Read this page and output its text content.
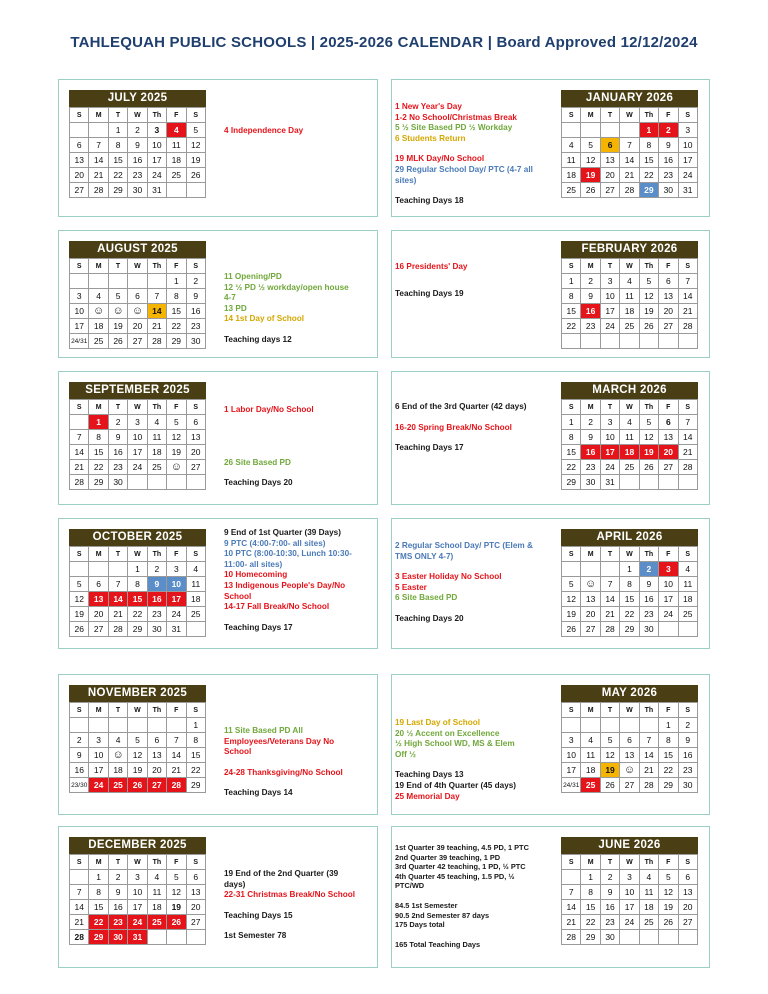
TAHLEQUAH PUBLIC SCHOOLS | 2025-2026 CALENDAR | Board Approved 12/12/2024
JULY 2025
S	M	T	W	Th	F	S
		1	2	3	4	5
6	7	8	9	10	11	12
13	14	15	16	17	18	19
20	21	22	23	24	25	26
27	28	29	30	31		
AUGUST 2025
S	M	T	W	Th	F	S
					1	2
3	4	5	6	7	8	9
10	☺	☺	☺	14	15	16
17	18	19	20	21	22	23
24/31	25	26	27	28	29	30
SEPTEMBER 2025
S	M	T	W	Th	F	S
	1	2	3	4	5	6
7	8	9	10	11	12	13
14	15	16	17	18	19	20
21	22	23	24	25	☺	27
28	29	30				
OCTOBER 2025
S	M	T	W	Th	F	S
			1	2	3	4
5	6	7	8	9	10	11
12	13	14	15	16	17	18
19	20	21	22	23	24	25
26	27	28	29	30	31	
NOVEMBER 2025
S	M	T	W	Th	F	S
						1
2	3	4	5	6	7	8
9	10	☺	12	13	14	15
16	17	18	19	20	21	22
23/30	24	25	26	27	28	29
DECEMBER 2025
S	M	T	W	Th	F	S
	1	2	3	4	5	6
7	8	9	10	11	12	13
14	15	16	17	18	19	20
21	22	23	24	25	26	27
28	29	30	31			
JANUARY 2026
S	M	T	W	Th	F	S
				1	2	3
4	5	6	7	8	9	10
11	12	13	14	15	16	17
18	19	20	21	22	23	24
25	26	27	28	29	30	31
FEBRUARY 2026
S	M	T	W	Th	F	S
1	2	3	4	5	6	7
8	9	10	11	12	13	14
15	16	17	18	19	20	21
22	23	24	25	26	27	28

MARCH 2026
S	M	T	W	Th	F	S
1	2	3	4	5	6	7
8	9	10	11	12	13	14
15	16	17	18	19	20	21
22	23	24	25	26	27	28
29	30	31				
APRIL 2026
S	M	T	W	Th	F	S
			1	2	3	4
5	☺	7	8	9	10	11
12	13	14	15	16	17	18
19	20	21	22	23	24	25
26	27	28	29	30		
MAY 2026
S	M	T	W	Th	F	S
					1	2
3	4	5	6	7	8	9
10	11	12	13	14	15	16
17	18	19	☺	21	22	23
24/31	25	26	27	28	29	30
JUNE 2026
S	M	T	W	Th	F	S
	1	2	3	4	5	6
7	8	9	10	11	12	13
14	15	16	17	18	19	20
21	22	23	24	25	26	27
28	29	30				
4 Independence Day
11 Opening/PD
12 ½ PD ½ workday/open house
4-7
13 PD
14 1st Day of School
Teaching days 12
1 Labor Day/No School
26 Site Based PD
Teaching Days 20
9 End of 1st Quarter (39 Days)
9 PTC (4:00-7:00- all sites)
10 PTC (8:00-10:30, Lunch 10:30-
11:00- all sites)
10 Homecoming
13 Indigenous People's Day/No
School
14-17 Fall Break/No School
Teaching Days 17
11 Site Based PD All
Employees/Veterans Day No
School
24-28 Thanksgiving/No School
Teaching Days 14
19 End of the 2nd Quarter (39
days)
22-31 Christmas Break/No School
Teaching Days 15
1st Semester 78
1 New Year's Day
1-2 No School/Christmas Break
5 ½ Site Based PD ½ Workday
6 Students Return
19 MLK Day/No School
29 Regular School Day/ PTC (4-7 all
sites)
Teaching Days 18
16 Presidents' Day
Teaching Days 19
6 End of the 3rd Quarter (42 days)
16-20 Spring Break/No School
Teaching Days 17
2 Regular School Day/ PTC (Elem &
TMS ONLY 4-7)
3 Easter Holiday No School
5 Easter
6 Site Based PD
Teaching Days 20
19 Last Day of School
20 ½ Accent on Excellence
½ High School WD, MS & Elem
Off ½
Teaching Days 13
19 End of 4th Quarter (45 days)
25 Memorial Day
1st Quarter 39 teaching, 4.5 PD, 1 PTC
2nd Quarter 39 teaching, 1 PD
3rd Quarter 42 teaching, 1 PD, ½ PTC
4th Quarter 45 teaching, 1.5 PD, ½
PTC/WD
84.5 1st Semester
90.5 2nd Semester 87 days
175 Days total
165 Total Teaching Days
